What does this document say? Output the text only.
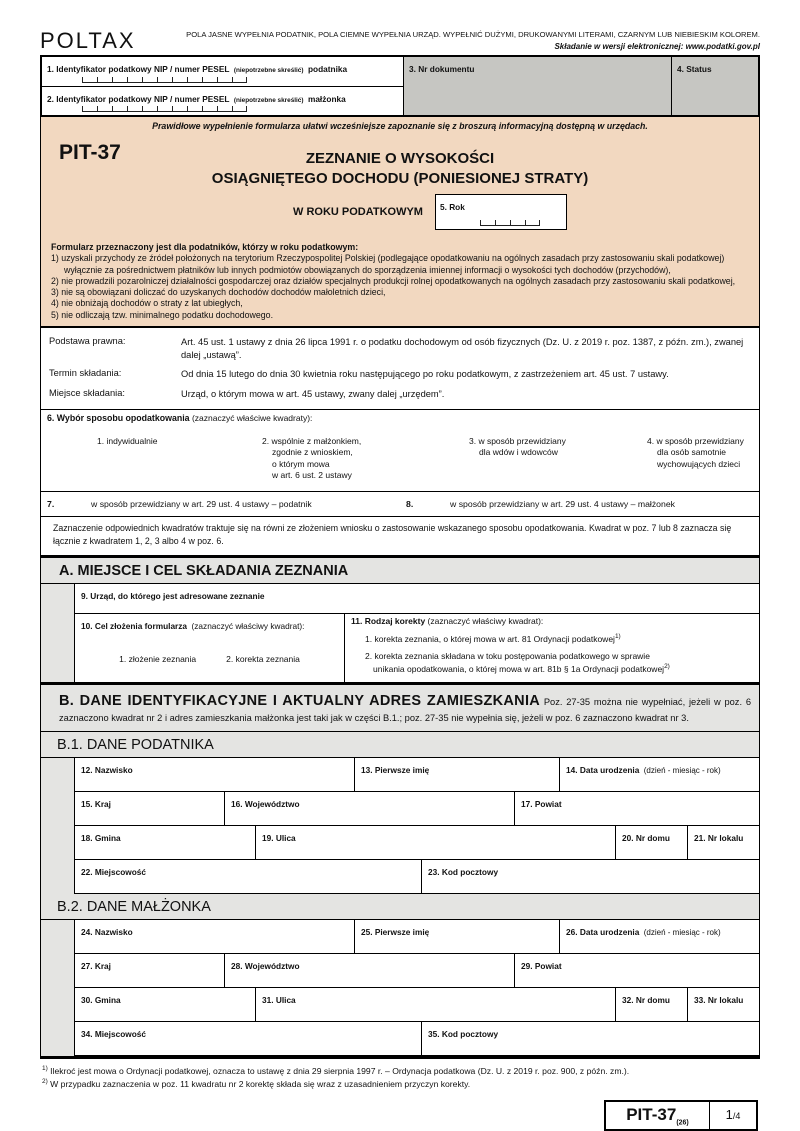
POLTAX	POLA JASNE WYPEŁNIA PODATNIK, POLA CIEMNE WYPEŁNIA URZĄD. WYPEŁNIĆ DUŻYMI, DRUKOWANYMI LITERAMI, CZARNYM LUB NIEBIESKIM KOLOREM.
Składanie w wersji elektronicznej: www.podatki.gov.pl
1. Identyfikator podatkowy NIP / numer PESEL (niepotrzebne skreślić) podatnika
2. Identyfikator podatkowy NIP / numer PESEL (niepotrzebne skreślić) małżonka
3. Nr dokumentu	4. Status
Prawidłowe wypełnienie formularza ułatwi wcześniejsze zapoznanie się z broszurą informacyjną dostępną w urzędach.
PIT-37	ZEZNANIE O WYSOKOŚCI
OSIĄGNIĘTEGO DOCHODU (PONIESIONEJ STRATY)
W ROKU PODATKOWYM	5. Rok
Formularz przeznaczony jest dla podatników, którzy w roku podatkowym:
1) uzyskali przychody ze źródeł położonych na terytorium Rzeczypospolitej Polskiej (podlegające opodatkowaniu na ogólnych zasadach przy zastosowaniu skali podatkowej) wyłącznie za pośrednictwem płatników lub innych podmiotów obowiązanych do sporządzenia imiennej informacji o wysokości tych dochodów (przychodów),
2) nie prowadzili pozarolniczej działalności gospodarczej oraz działów specjalnych produkcji rolnej opodatkowanych na ogólnych zasadach przy zastosowaniu skali podatkowej,
3) nie są obowiązani doliczać do uzyskanych dochodów dochodów małoletnich dzieci,
4) nie obniżają dochodów o straty z lat ubiegłych,
5) nie odliczają tzw. minimalnego podatku dochodowego.
Podstawa prawna:	Art. 45 ust. 1 ustawy z dnia 26 lipca 1991 r. o podatku dochodowym od osób fizycznych (Dz. U. z 2019 r. poz. 1387, z późn. zm.), zwanej dalej „ustawą”.
Termin składania:	Od dnia 15 lutego do dnia 30 kwietnia roku następującego po roku podatkowym, z zastrzeżeniem art. 45 ust. 7 ustawy.
Miejsce składania:	Urząd, o którym mowa w art. 45 ustawy, zwany dalej „urzędem”.
6. Wybór sposobu opodatkowania (zaznaczyć właściwe kwadraty):
1. indywidualnie	2. wspólnie z małżonkiem,
zgodnie z wnioskiem,
o którym mowa
w art. 6 ust. 2 ustawy
3. w sposób przewidziany
dla wdów i wdowców
4. w sposób przewidziany
dla osób samotnie
wychowujących dzieci
7.	w sposób przewidziany w art. 29 ust. 4 ustawy – podatnik	8.	w sposób przewidziany w art. 29 ust. 4 ustawy – małżonek
Zaznaczenie odpowiednich kwadratów traktuje się na równi ze złożeniem wniosku o zastosowanie wskazanego sposobu opodatkowania. Kwadrat w poz. 7 lub 8 zaznacza się łącznie z kwadratem 1, 2, 3 albo 4 w poz. 6.
A. MIEJSCE I CEL SKŁADANIA ZEZNANIA
9. Urząd, do którego jest adresowane zeznanie
10. Cel złożenia formularza (zaznaczyć właściwy kwadrat):
1. złożenie zeznania	2. korekta zeznania
11. Rodzaj korekty (zaznaczyć właściwy kwadrat):
1. korekta zeznania, o której mowa w art. 81 Ordynacji podatkowej$^{1)}$
2. korekta zeznania składana w toku postępowania podatkowego w sprawie
unikania opodatkowania, o której mowa w art. 81b § 1a Ordynacji podatkowej$^{2)}$

B. DANE IDENTYFIKACYJNE I AKTUALNY ADRES ZAMIESZKANIA Poz. 27-35 można nie wypełniać, jeżeli w poz. 6 zaznaczono kwadrat nr 2 i adres zamieszkania małżonka jest taki jak w części B.1.; poz. 27-35 nie wypełnia się, jeżeli w poz. 6 zaznaczono kwadrat nr 3.

B.1. DANE PODATNIKA
12. Nazwisko	13. Pierwsze imię	14. Data urodzenia (dzień - miesiąc - rok)
15. Kraj	16. Województwo	17. Powiat
18. Gmina	19. Ulica	20. Nr domu	21. Nr lokalu
22. Miejscowość	23. Kod pocztowy
B.2. DANE MAŁŻONKA
24. Nazwisko	25. Pierwsze imię	26. Data urodzenia (dzień - miesiąc - rok)
27. Kraj	28. Województwo	29. Powiat
30. Gmina	31. Ulica	32. Nr domu	33. Nr lokalu
34. Miejscowość	35. Kod pocztowy
$^{1)}$ Ilekroć jest mowa o Ordynacji podatkowej, oznacza to ustawę z dnia 29 sierpnia 1997 r. – Ordynacja podatkowa (Dz. U. z 2019 r. poz. 900, z późn. zm.).
$^{2)}$ W przypadku zaznaczenia w poz. 11 kwadratu nr 2 korektę składa się wraz z uzasadnieniem przyczyn korekty.
PIT-$37_{(26)}$
1/4
